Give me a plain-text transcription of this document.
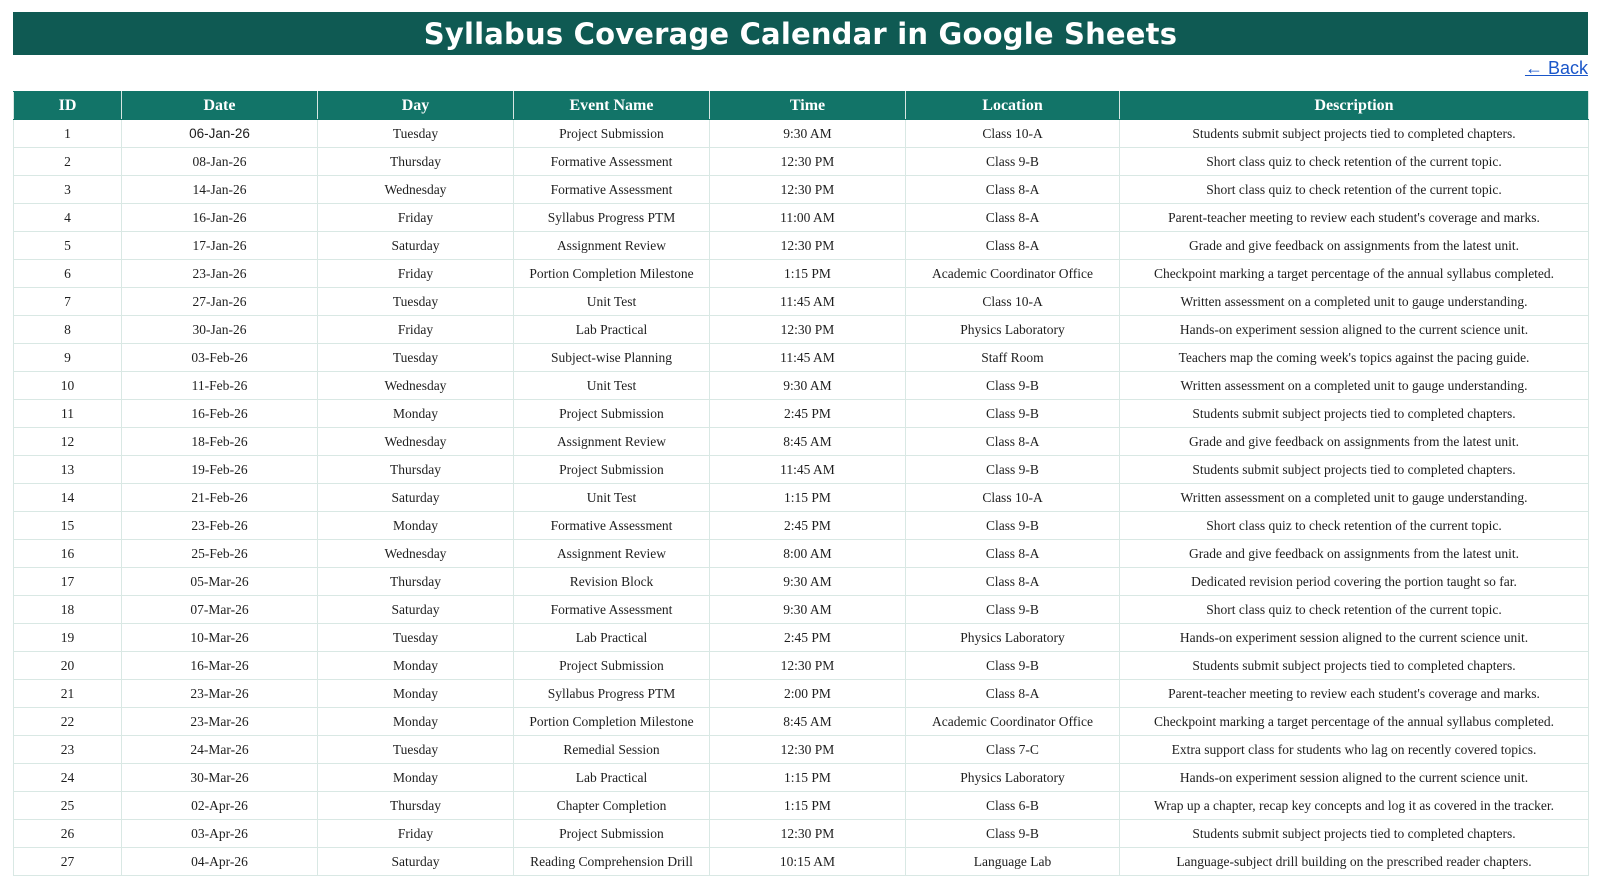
Syllabus Coverage Calendar in Google Sheets
← Back
ID	Date	Day	Event Name	Time	Location	Description
1	06-Jan-26	Tuesday	Project Submission	9:30 AM	Class 10-A	Students submit subject projects tied to completed chapters.
2	08-Jan-26	Thursday	Formative Assessment	12:30 PM	Class 9-B	Short class quiz to check retention of the current topic.
3	14-Jan-26	Wednesday	Formative Assessment	12:30 PM	Class 8-A	Short class quiz to check retention of the current topic.
4	16-Jan-26	Friday	Syllabus Progress PTM	11:00 AM	Class 8-A	Parent-teacher meeting to review each student's coverage and marks.
5	17-Jan-26	Saturday	Assignment Review	12:30 PM	Class 8-A	Grade and give feedback on assignments from the latest unit.
6	23-Jan-26	Friday	Portion Completion Milestone	1:15 PM	Academic Coordinator Office	Checkpoint marking a target percentage of the annual syllabus completed.
7	27-Jan-26	Tuesday	Unit Test	11:45 AM	Class 10-A	Written assessment on a completed unit to gauge understanding.
8	30-Jan-26	Friday	Lab Practical	12:30 PM	Physics Laboratory	Hands-on experiment session aligned to the current science unit.
9	03-Feb-26	Tuesday	Subject-wise Planning	11:45 AM	Staff Room	Teachers map the coming week's topics against the pacing guide.
10	11-Feb-26	Wednesday	Unit Test	9:30 AM	Class 9-B	Written assessment on a completed unit to gauge understanding.
11	16-Feb-26	Monday	Project Submission	2:45 PM	Class 9-B	Students submit subject projects tied to completed chapters.
12	18-Feb-26	Wednesday	Assignment Review	8:45 AM	Class 8-A	Grade and give feedback on assignments from the latest unit.
13	19-Feb-26	Thursday	Project Submission	11:45 AM	Class 9-B	Students submit subject projects tied to completed chapters.
14	21-Feb-26	Saturday	Unit Test	1:15 PM	Class 10-A	Written assessment on a completed unit to gauge understanding.
15	23-Feb-26	Monday	Formative Assessment	2:45 PM	Class 9-B	Short class quiz to check retention of the current topic.
16	25-Feb-26	Wednesday	Assignment Review	8:00 AM	Class 8-A	Grade and give feedback on assignments from the latest unit.
17	05-Mar-26	Thursday	Revision Block	9:30 AM	Class 8-A	Dedicated revision period covering the portion taught so far.
18	07-Mar-26	Saturday	Formative Assessment	9:30 AM	Class 9-B	Short class quiz to check retention of the current topic.
19	10-Mar-26	Tuesday	Lab Practical	2:45 PM	Physics Laboratory	Hands-on experiment session aligned to the current science unit.
20	16-Mar-26	Monday	Project Submission	12:30 PM	Class 9-B	Students submit subject projects tied to completed chapters.
21	23-Mar-26	Monday	Syllabus Progress PTM	2:00 PM	Class 8-A	Parent-teacher meeting to review each student's coverage and marks.
22	23-Mar-26	Monday	Portion Completion Milestone	8:45 AM	Academic Coordinator Office	Checkpoint marking a target percentage of the annual syllabus completed.
23	24-Mar-26	Tuesday	Remedial Session	12:30 PM	Class 7-C	Extra support class for students who lag on recently covered topics.
24	30-Mar-26	Monday	Lab Practical	1:15 PM	Physics Laboratory	Hands-on experiment session aligned to the current science unit.
25	02-Apr-26	Thursday	Chapter Completion	1:15 PM	Class 6-B	Wrap up a chapter, recap key concepts and log it as covered in the tracker.
26	03-Apr-26	Friday	Project Submission	12:30 PM	Class 9-B	Students submit subject projects tied to completed chapters.
27	04-Apr-26	Saturday	Reading Comprehension Drill	10:15 AM	Language Lab	Language-subject drill building on the prescribed reader chapters.
